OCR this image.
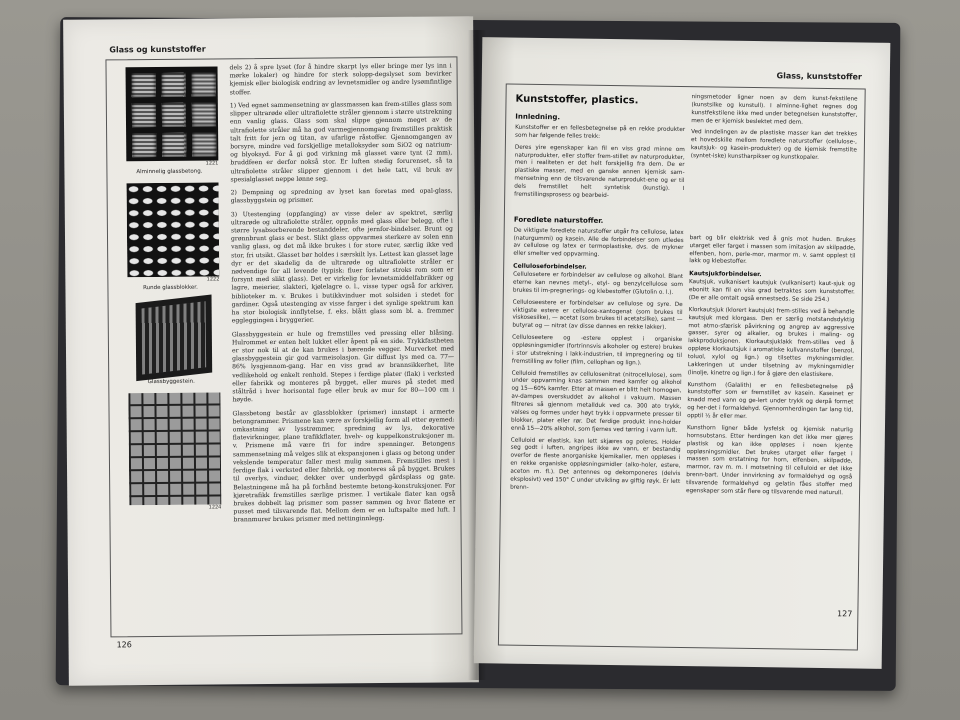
Glass og kunststoffer
1221
Alminnelig glassbetong.
1222
Runde glassblokker.
Glassbyggestein.
1224

dels 2) å spre lyset (for å hindre skarpt lys eller bringe mer lys inn i mørke lokaler) og hindre for sterk solopp-degslyset som bevirker kjemisk eller biologisk endring av levnetsmidler og andre lysømfintlige stoffer.

1) Ved egnet sammensetning av glassmassen kan frem-stilles glass som slipper ultrarøde eller ultrafiolette stråler gjennom i større utstrekning enn vanlig glass. Glass som skal slippe gjennom meget av de ultrafiolette stråler må ha god varmegjennomgang fremstilles praktisk talt fritt for jern og titan, av ufarlige råstoffer. Gjennomgangen av borsyre, mindre ved forskjellige metalloksyder som SiO2 og natrium- og blyoksyd. For å gi god virkning må glasset være tynt (2 mm), bruddfeen er derfor nokså stor. Er luften stedig forurenset, så ta ultrafiolette stråler slipper gjennom i det hele tatt, vil bruk av spesialglasset neppe lønne seg.

2) Dempning og spredning av lyset kan foretas med opal-glass, glassbyggstein og prismer.

3) Utestenging (oppfanging) av visse deler av spektret, særlig ultrarøde og ultrafiolette stråler, oppnås med glass eller belegg, ofte i større lysabsorberende bestanddeler, ofte jernfor-bindelser. Brunt og grønnbrunt glass er best. Slikt glass oppvarmes sterkere av solen enn vanlig glass, og det må ikke brukes i for store ruter, særlig ikke ved stor, fri utsikt. Glasset bør holdes i særskilt lys. Lettest kan glasset lage dyr er det skadelig da de ultrarøde og ultrafiolette stråler er nødvendige for all levende (typisk: fluer forlater stroks rom som er forsynt med slikt glass). Det er virkelig for levnetsmiddelfabrikker og lagre, meierier, slakteri, kjølelagre o. l., visse typer også for arkiver, biblioteker m. v. Brukes i butikkvinduer mot solsiden i stedet for gardiner. Også utestenging av visse farger i det synlige spektrum kan ha stor biologisk innflytelse, f. eks. blått glass som bl. a. fremmer eggleggingen i bryggerier.

Glassbyggestein er hule og fremstilles ved pressing eller blåsing. Hulrommet er enten helt lukket eller åpent på en side. Trykkfastheten er stor nok til at de kan brukes i bærende vegger. Murverket med glassbyggestein gir god varmeisolasjon. Gir diffust lys med ca. 77—86% lysgjennom-gang. Har en viss grad av brannsikkerhet, lite vedlikehold og enkelt renhold. Stepes i ferdige plater (flak) i verksted eller fabrikk og monteres på bygget, eller mures på stedet med ståltråd i hver horisontal fuge eller bruk av mur for 80—100 cm i høyde.

Glassbetong består av glassblokker (prismer) innstøpt i armerte betongrammer. Prismene kan være av forskjellig form all etter øyemed: omkastning av lysstrømmer, spredning av lys, dekorative flatevirkninger, plane trafikkflater, hvelv- og kuppelkonstruksjoner m. v. Prismene må være fri for indre spenninger. Betongens sammensetning må velges slik at ekspansjonen i glass og betong under vekslende temperatur faller mest mulig sammen. Fremstilles mest i ferdige flak i verksted eller fabrikk, og monteres så på bygget. Brukes til overlys, vinduer, dekker over underbygd gårdsplass og gate. Belastningene må ha på forhånd bestemte betong-konstruksjoner. For kjøretrafikk fremstilles særlige prismer. I vertikale flater kan også brukes dobbelt lag prismer som passer sammen og hvor flatene er pusset med tilsvarende flat. Mellom dem er en luftspalte med luft. I brannmurer brukes prismer med nettinginnlegg.

126
Glass, kunststoffer
Kunststoffer, plastics.
Innledning.

Kunststoffer er en fellesbetegnelse på en rekke produkter som har følgende felles trekk:

Deres yire egenskaper kan fil en viss grad minne om naturprodukter, eller stoffer frem-stillet av naturprodukter, men i realiteten er det helt forskjellig fra dem. De er plastiske masser, med en ganske annen kjemisk sam-mensetning enn de tilsvarende naturprodukt-ene og er til dels fremstillet helt syntetisk (kunstig). I fremstillingsprosess og bearbeid-

Foredlete naturstoffer.

De viktigste foredlete naturstoffer utgår fra cellulose, latex (naturgummi) og kasein. Alle de forbindelser som utledes av cellulose og latex er termoplastiske, dvs. de mykner eller smelter ved oppvarming.

Celluloseforbindelser.

Cellulosetere er forbindelser av cellulose og alkohol. Blant eterne kan nevnes metyl-, etyl- og benzylcellulose som brukes til im-pregnerings- og klebestoffer (Glutolin o. l.).

Celluloseestere er forbindelser av cellulose og syre. De viktigste estere er cellulose-xantogenat (som brukes til viskosesilke), — acetat (som brukes til acetatsilke), samt — butyrat og — nitrat (av disse dannes en rekke lakker).

Celluloseetere og -estere opplest i organiske oppløsningsmidler (fortrinnsvis alkoholer og estere) brukes i stor utstrekning i lakk-industrien, til impregnering og til fremstilling av folier (film, cellophan og lign.).

Celluloid fremstilles av cellulosenitrat (nitrocellulose), som under oppvarming knas sammen med kamfer og alkohol og 15—60% kamfer. Etter at massen er blitt helt homogen, av-dampes overskuddet av alkohol i vakuum. Massen filtreres så gjennom metallduk ved ca. 300 ato trykk, valses og formes under høyt trykk i oppvarmete presser til blokker, plater eller rør. Det ferdige produkt inne-holder ennå 15—20% alkohol, som fjernes ved tørring i varm luft.

Celluloid er elastisk, kan lett skjæres og poleres. Holder seg godt i luften, angripes ikke av vann, er bestandig overfor de fleste anorganiske kjemikalier, men oppløses i en rekke organiske oppløsningsmidler (alko-holer, estere, aceton m. fl.). Det antennes og dekomponeres (delvis eksplosivt) ved 150° C under utvikling av giftig røyk. Er lett brenn-

ningsmetoder ligner noen av dem kunst-fekstilene (kunstsilke og kunstull). I alminne-lighet regnes dog kunstfekstilene ikke med under betegnelsen kunststoffer, men de er kjemisk beslektet med dem.

Ved inndelingen av de plastiske masser kan det trekkes et hovedskille mellom foredlete naturstoffer (cellulose-, kautsjuk- og kasein-produkter) og de kjemisk fremstilte (syntet-iske) kunstharpikser og kunstkopaler.

bart og blir elektrisk ved å gnis mot huden. Brukes utarget eller farget i massen som imitasjon av skilpadde, elfenben, horn, perle-mor, marmor m. v. samt opplest til lakk og klebestoffer.

Kautsjukforbindelser.

Kautsjuk, vulkanisert kautsjuk (vulkanisert) kaut-sjuk og ebonitt kan fil en viss grad betraktes som kunststoffer. (De er alle omtalt også ennestseds. Se side 254.)

Klorkautsjuk (klorert kautsjuk) frem-stilles ved å behandle kautsjuk med klorgass. Den er særlig motstandsdyktig mot atmo-sfærisk påvirkning og angrep av aggressive gasser, syrer og alkalier, og brukes i maling- og lakkproduksjonen. Klorkautsjuklakk frem-stilles ved å oppløse klorkautsjuk i aromatiske kullvannstoffer (benzol, toluol, xylol og lign.) og tilsettes mykningsmidler. Lakkeringen ut under tilsetning av mykningsmidler (linolje, kinetre og lign.) for å gjøre den elastiskere.

Kunsthorn (Galalith) er en fellesbetegnelse på kunststoffer som er fremstillet av kasein. Kaseinet er knadd med vann og ge-lert under trykk og derpå formet og her-det i formaldehyd. Gjennomherdingen tar lang tid, opptil ½ år eller mer.

Kunsthorn ligner både lysfelsk og kjemisk naturlig hornsubstans. Etter herdingen kan det ikke mer gjøres plastisk og kan ikke oppløses i noen kjente oppløsningsmidler. Det brukes utarget eller farget i massen som erstatning for horn, elfenben, skilpadde, marmor, rav m. m. I motsetning til celluloid er det ikke brenn-bart. Under innvirkning av formaldehyd og også tilsvarende formaldehyd og gelatin fåes stoffer med egenskaper som står flere og tilsvarende med naturull.

127
